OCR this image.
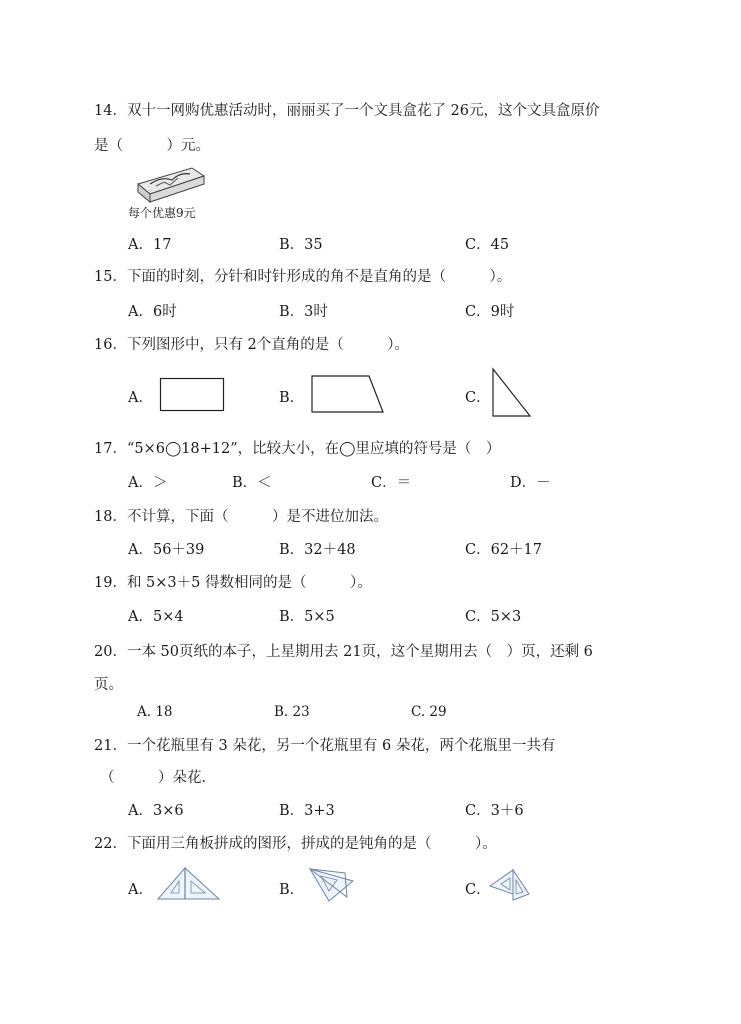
14．双十一网购优惠活动时，丽丽买了一个文具盒花了 26元，这个文具盒原价
是（　　　）元。
每个优惠9元
A．17	B．35	C．45
15．下面的时刻，分针和时针形成的角不是直角的是（　　　）。
A．6时	B．3时	C．9时
16．下列图形中，只有 2个直角的是（　　　）。
A．	B．	C．
17．“5×6◯18+12”，比较大小，在◯里应填的符号是（　）
A．＞	B．＜	C．＝	D．－
18．不计算，下面（　　　）是不进位加法。
A．56＋39	B．32＋48	C．62＋17
19．和 5×3＋5 得数相同的是（　　　）。
A．5×4	B．5×5	C．5×3
20．一本 50页纸的本子，上星期用去 21页，这个星期用去（　）页，还剩 6
页。
A. 18	B. 23	C. 29
21．一个花瓶里有 3 朵花，另一个花瓶里有 6 朵花，两个花瓶里一共有
（　　　）朵花.
A．3×6	B．3+3	C．3＋6
22．下面用三角板拼成的图形，拼成的是钝角的是（　　　）。
A．	B．	C．
